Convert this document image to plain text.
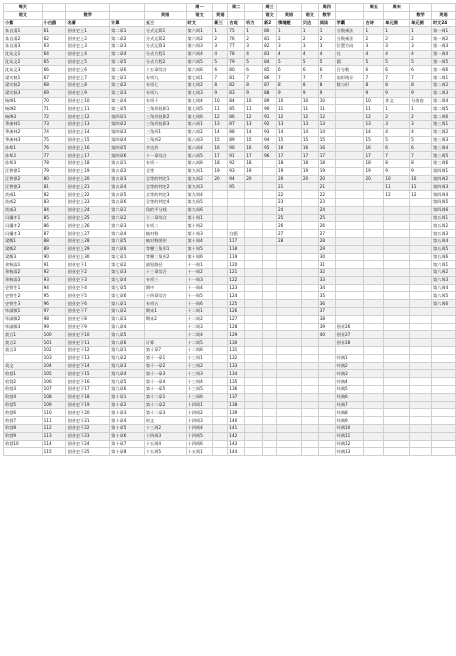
每天					周一		周二		周三			周四		周五	周末		
语文		数学		英语	语文	英语			语文	英语	语文	数学				数学	英语
小紫	小白鸥	名著	计算	五三	时文	新三	古观	听力	新2	情境题	贝达	阅读	学霸	古诗	单元测	单元测	时文24
朱自清1	61	创业史上1	第二章1	分式运算1	第六周1	1	75	1	80	1	1	1	分数乘法	1	1	1	第一周1
朱自清2	62	创业史上2	第二章2	分式运算2	第六周2	2	76	2	81	2	2	2	分数乘法	2	2	2	第一周2
朱自清3	63	创业史上3	第二章3	分式运算3	第六周3	3	77	3	82	3	3	3	位置方向	3	3	3	第一周3
沈从文1	64	创业史上4	第二章4	分式方程1	第六周4	4	78	4	83	4	4	4	比	4	4	4	第一周4
沈从文2	65	创业史上5	第二章5	分式方程2	第六周5	5	79	5	84	5	5	5	圆	5	5	5	第一周5
沈从文3	66	创业史上6	第二章6	十五章综合	第六周6	6	80	6	85	6	6	6	百分数	6	6	6	第一周6
梁实秋1	67	创业史上7	第三章1	专项九	第七周1	7	81	7	86	7	7	7	扇形统计	7	7	7	第二周1
梁实秋2	68	创业史上8	第三章2	专项七	第七周2	8	82	8	87	8	8	8	数与形	8	8	8	第二周2
梁实秋3	69	创业史上9	第三章3	专项八	第七周3	9	83	9	88	9	9	9		9	9	9	第二周3
杨绛1	70	创业史上10	第三章4	专项十	第七周4	10	84	10	89	10	10	10		10	作文	分类卷	第二周4
杨绛2	71	创业史上11	第三章5	三角形投影1	第七周5	11	85	11	90	11	11	11		11	1	1	第二周5
杨绛3	72	创业史上12	第四章1	三角形投影2	第七周6	12	86	12	91	12	12	12		12	2	2	第二周6
季羡林1	73	创业史上13	第四章2	三角形投影3	第八周1	13	87	13	92	13	13	13		13	3	3	第三周1
季羡林2	74	创业史上14	第四章3	三角形1	第八周2	14	88	14	93	14	14	14		14	4	4	第三周2
季羡林3	75	创业史上15	第四章4	三角形2	第八周3	15	89	15	94	15	15	15		15	5	5	第三周3
孙犁1	76	创业史上16	第四章5	多边形	第八周4	16	90	16	95	16	16	16		16	6	6	第三周4
孙犁2	77	创业史上17	第四章6	十一章综合	第八周5	17	91	17	96	17	17	17		17	7	7	第三周5
孙犁3	78	创业史上18	第五章1	专项一	第八周6	18	92	18		18	18	18		18	8	8	第三周6
汪曾祺1	79	创业史上19	第五章2	全等	第九周1	19	93	19		19	19	19		19	9	9	第四周1
汪曾祺2	80	创业史上20	第五章3	全等的判定1	第九周2	20	94	20		20	20	20		20	10	10	第四周2
汪曾祺3	81	创业史上21	第五章4	全等的判定2	第九周3		95			21		21			11	11	第四周3
茨威1	82	创业史上22	第五章5	全等的判定3	第九周4					22		22			12	12	第四周4
茨威2	83	创业史上23	第五章6	全等的判定4	第九周5					23		23					第四周5
茨威3	84	创业史上24	第六章1	角的平分线	第九周6					24		24					第四周6
冯骥才1	85	创业史上25	第六章2	十二章综合	第十周1					25		25					第五周1
冯骥才2	86	创业史上26	第六章3	专项二	第十周2					26		26					第五周2
冯骥才3	87	创业史上27	第六章4	轴对称	第十周3		白鸥			27		27					第五周3
梁衡1	88	创业史上28	第六章5	轴对称图形	第十周4		117			28		28					第五周4
梁衡2	89	创业史上29	第六章6	等腰三角形1	第十周5		118					29					第五周5
梁衡3	90	创业史上30	第七章1	等腰三角形2	第十周6		119					30					第五周6
余秋雨1	91	创业史下1	第七章2	最短路径	十一周1		120					31					第六周1
余秋雨2	92	创业史下2	第七章3	十三章综合	十一周2		121					32					第六周2
余秋雨3	93	创业史下3	第七章4	专项三	十一周3		122					33					第六周3
史铁生1	94	创业史下4	第七章5	期中	十一周4		123					34					第六周4
史铁生2	95	创业史下5	第七章6	十四章综合	十一周5		124					35					第六周5
史铁生3	96	创业史下6	第八章1	专项五	十一周6		125					36					第六周6
毕淑敏1	97	创业史下7	第八章2	期末1	十二周1		126					37					
毕淑敏2	98	创业史下8	第八章3	期末2	十二周2		127					38					
毕淑敏3	99	创业史下9	第八章4		十二周3		128					39	创业26				
莫言1	100	创业史下10	第八章5		十二周4		129					40	创业27				
莫言2	101	创业史下11	第八章6	计算	十二周5		130						创业28				
莫言3	102	创业史下12	第九章1	第十章7	十二周6		131										
	103	创业史下13	第九章2	第十一章1	十三周1		132						经典1				
英文	104	创业史下14	第九章3	第十一章2	十三周2		133						经典2				
哈勃1	105	创业史下15	第九章4	第十一章3	十三周3		134						经典3				
哈勃2	106	创业史下16	第九章5	第十一章4	十三周4		135						经典4				
哈勃3	107	创业史下17	第九章6	第十一章5	十三周5		136						经典5				
哈勃4	108	创业史下18	第十章1	第十二章1	十三周6		137						经典6				
哈勃5	109	创业史下19	第十章2	第十二章2	十四周1		138						经典7				
哈勃6	110	创业史下20	第十章3	第十二章3	十四周2		139						经典8				
哈勃7	111	创业史下21	第十章4	时文	十四周3		140						经典9				
哈勃8	112	创业史下22	第十章5	十三周2	十四周4		141						经典10				
哈勃9	113	创业史下23	第十章6	十四周3	十四周5		142						经典11				
哈勃10	114	创业史下24	第十章7	十五周4	十四周6		143						经典12				
	115	创业史下25	第十章8	十五周5	十五周1		144						经典13				
